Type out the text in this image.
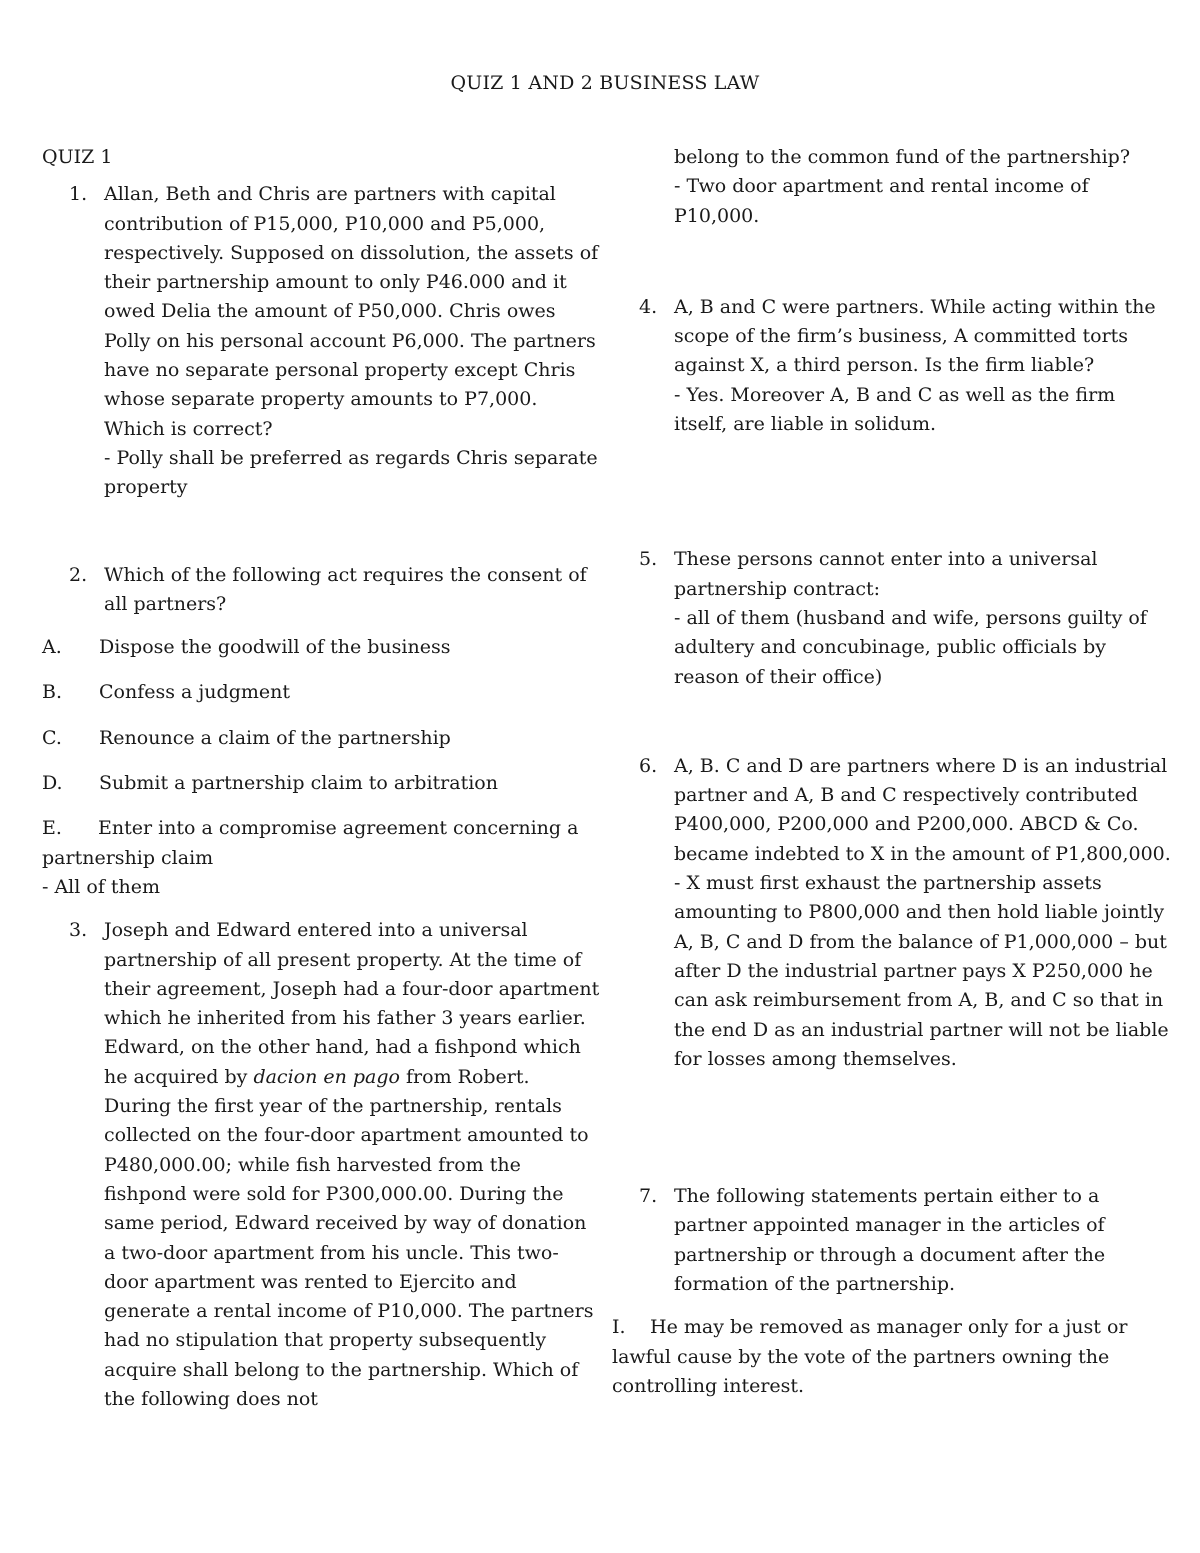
QUIZ 1 AND 2 BUSINESS LAW
QUIZ 1
1. Allan, Beth and Chris are partners with capital contribution of P15,000, P10,000 and P5,000, respectively. Supposed on dissolution, the assets of their partnership amount to only P46.000 and it owed Delia the amount of P50,000. Chris owes Polly on his personal account P6,000. The partners have no separate personal property except Chris whose separate property amounts to P7,000. Which is correct?

- Polly shall be preferred as regards Chris separate property

2. Which of the following act requires the consent of all partners?

A. Dispose the goodwill of the business
B. Confess a judgment
C. Renounce a claim of the partnership
D. Submit a partnership claim to arbitration

E. Enter into a compromise agreement concerning a partnership claim

- All of them

3. Joseph and Edward entered into a universal partnership of all present property. At the time of their agreement, Joseph had a four-door apartment which he inherited from his father 3 years earlier. Edward, on the other hand, had a fishpond which he acquired by dacion en pago from Robert. During the first year of the partnership, rentals collected on the four-door apartment amounted to P480,000.00; while fish harvested from the fishpond were sold for P300,000.00. During the same period, Edward received by way of donation a two-door apartment from his uncle. This two-door apartment was rented to Ejercito and generate a rental income of P10,000. The partners had no stipulation that property subsequently acquire shall belong to the partnership. Which of the following does not

belong to the common fund of the partnership?

- Two door apartment and rental income of P10,000.

4. A, B and C were partners. While acting within the scope of the firm’s business, A committed torts against X, a third person. Is the firm liable?

- Yes. Moreover A, B and C as well as the firm itself, are liable in solidum.

5. These persons cannot enter into a universal partnership contract:

- all of them (husband and wife, persons guilty of adultery and concubinage, public officials by reason of their office)

6. A, B. C and D are partners where D is an industrial partner and A, B and C respectively contributed P400,000, P200,000 and P200,000. ABCD & Co. became indebted to X in the amount of P1,800,000.

- X must first exhaust the partnership assets amounting to P800,000 and then hold liable jointly A, B, C and D from the balance of P1,000,000 – but after D the industrial partner pays X P250,000 he can ask reimbursement from A, B, and C so that in the end D as an industrial partner will not be liable for losses among themselves.

7. The following statements pertain either to a partner appointed manager in the articles of partnership or through a document after the formation of the partnership.

I. He may be removed as manager only for a just or lawful cause by the vote of the partners owning the controlling interest.
